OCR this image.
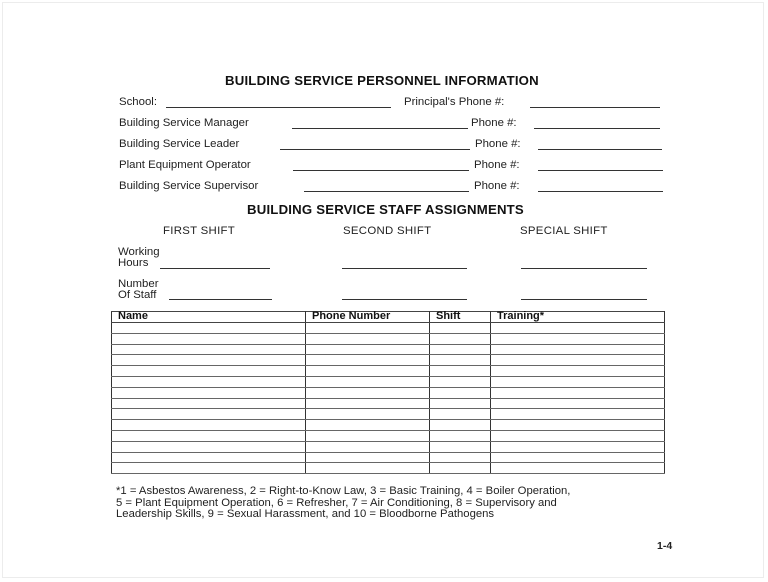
BUILDING SERVICE PERSONNEL INFORMATION
School:	Principal's Phone #:
Building Service Manager	Phone #:
Building Service Leader	Phone #:
Plant Equipment Operator	Phone #:
Building Service Supervisor	Phone #:
BUILDING SERVICE STAFF ASSIGNMENTS
FIRST SHIFT	SECOND SHIFT	SPECIAL SHIFT
Working
Hours
Number
Of Staff
Name	Phone Number	Shift	Training*

*1 = Asbestos Awareness, 2 = Right-to-Know Law, 3 = Basic Training, 4 = Boiler Operation,
5 = Plant Equipment Operation, 6 = Refresher, 7 = Air Conditioning, 8 = Supervisory and
Leadership Skills, 9 = Sexual Harassment, and 10 = Bloodborne Pathogens
1-4
